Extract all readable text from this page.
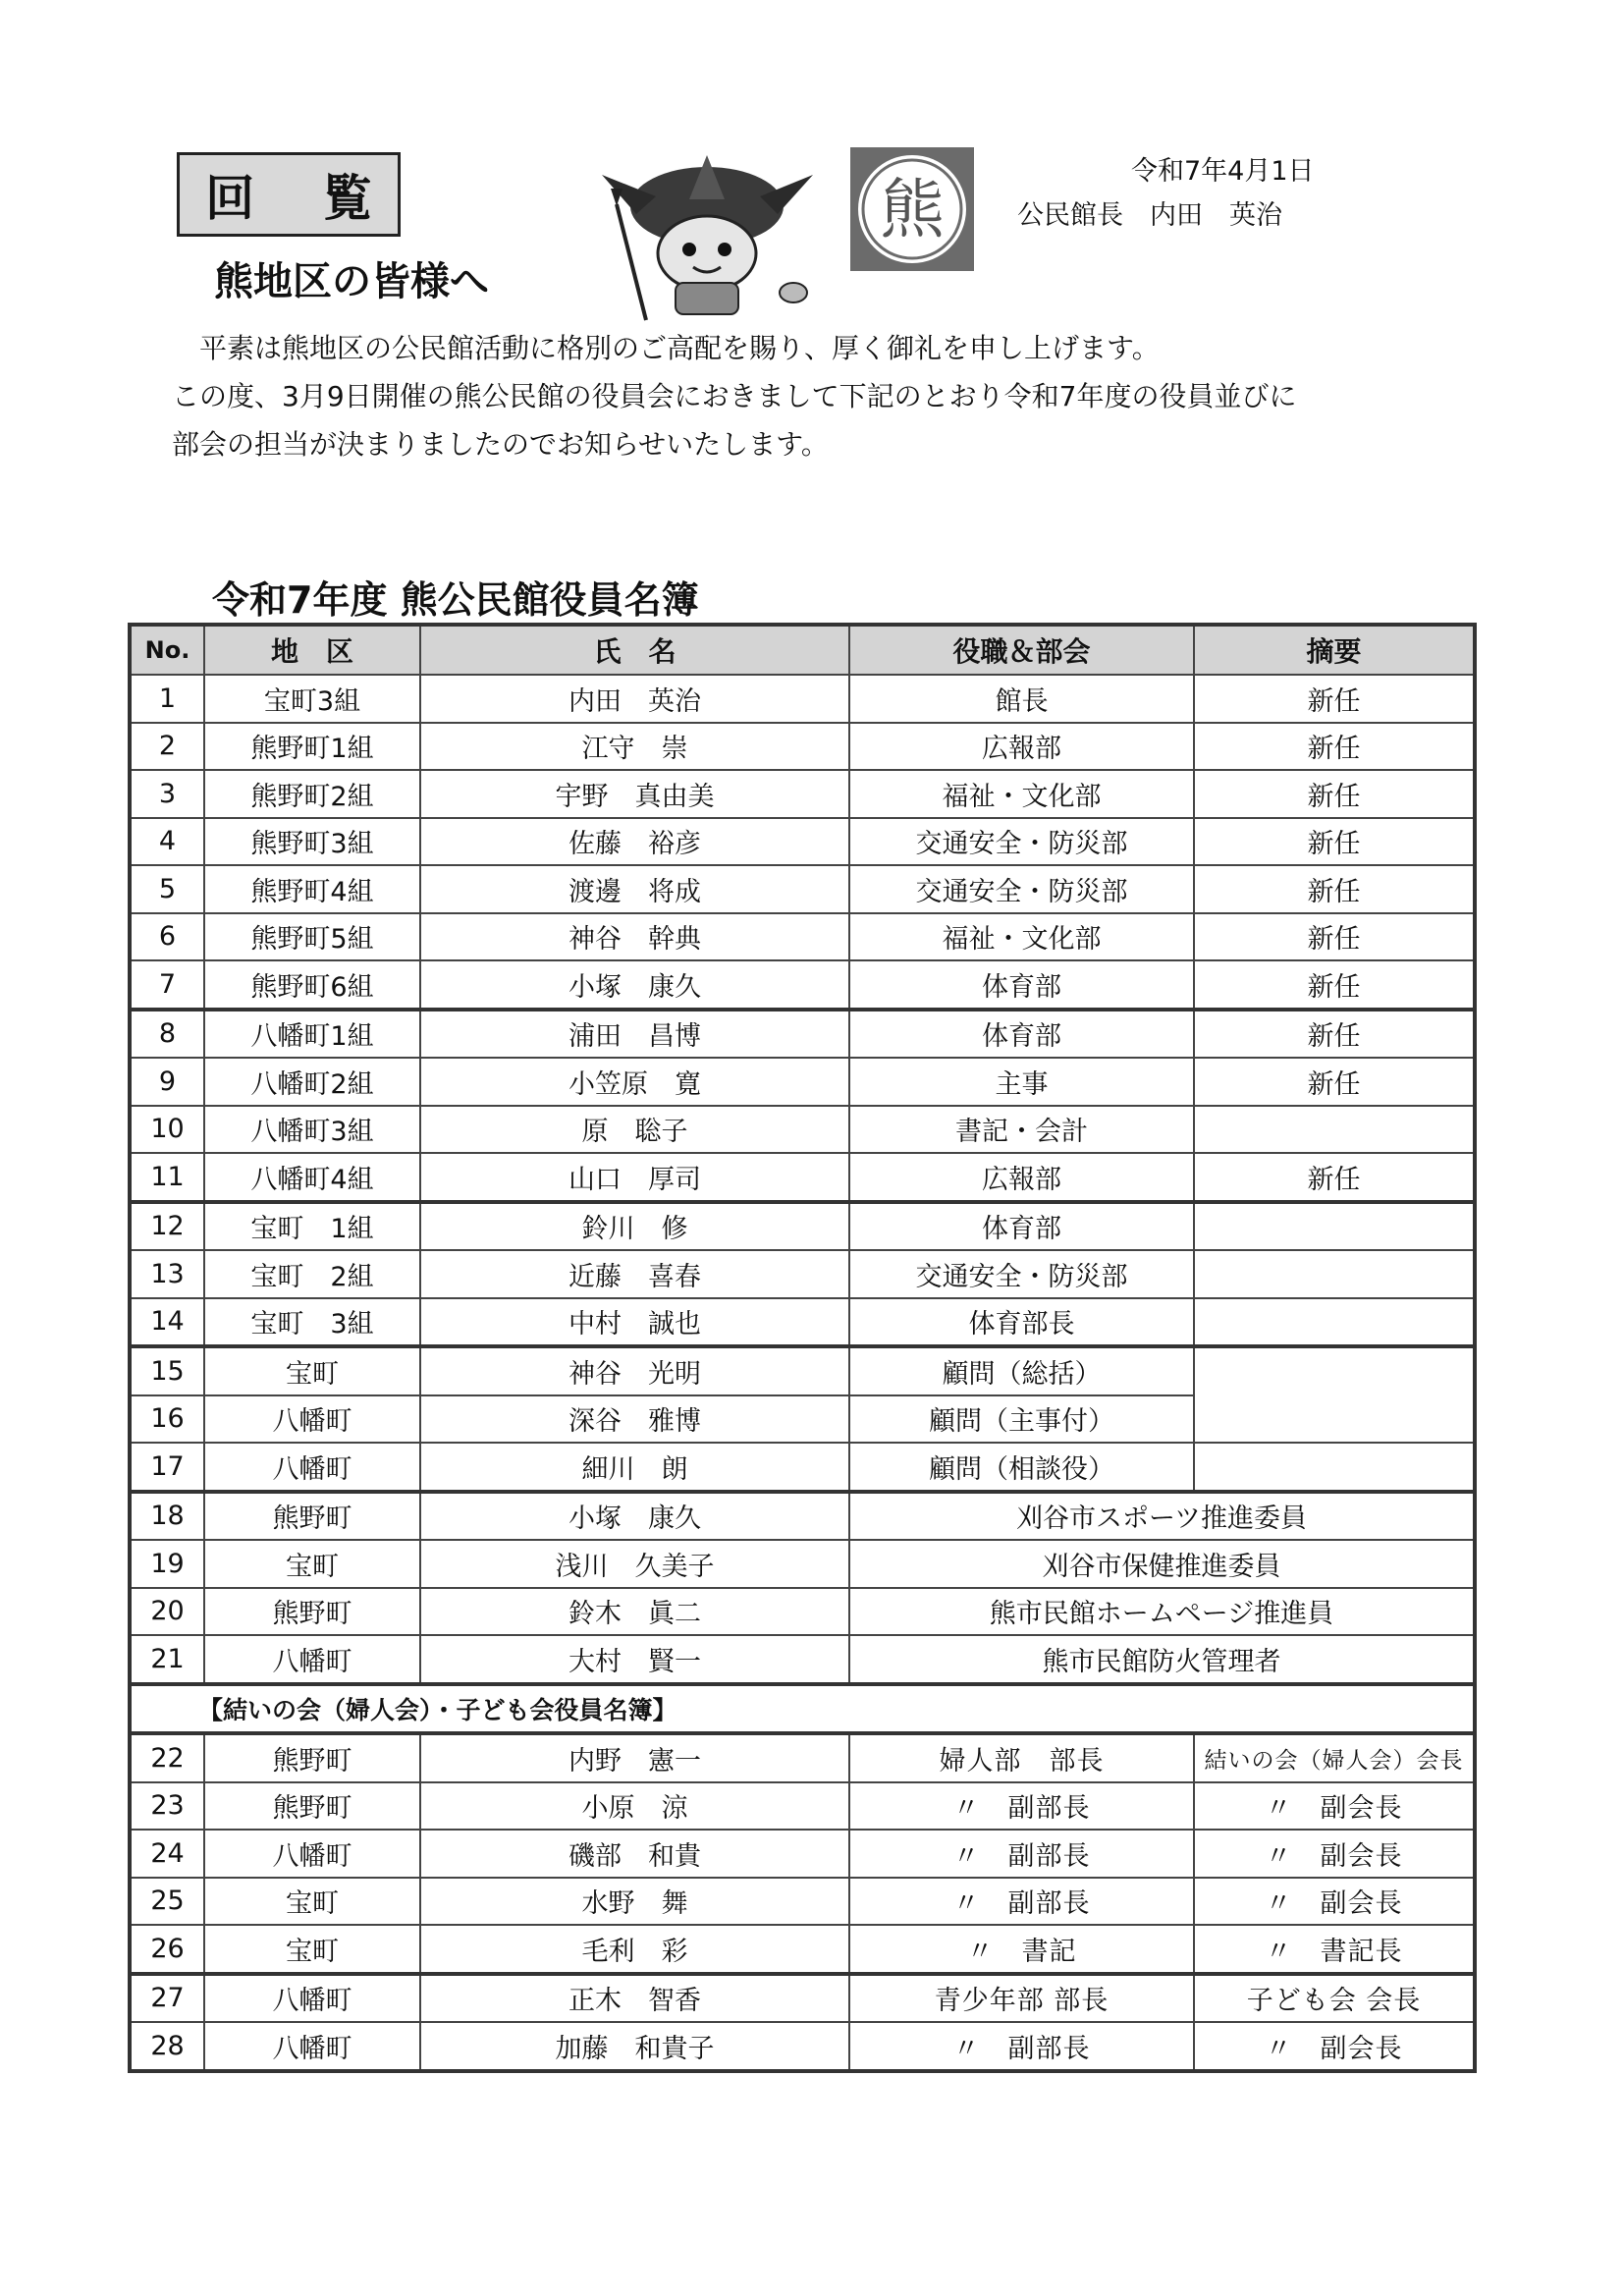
回 覧
熊地区の皆様へ
熊
令和7年4月1日
公民館長　内田　英治

　平素は熊地区の公民館活動に格別のご高配を賜り、厚く御礼を申し上げます。

この度、3月9日開催の熊公民館の役員会におきまして下記のとおり令和7年度の役員並びに

部会の担当が決まりましたのでお知らせいたします。

令和7年度 熊公民館役員名簿
No.	地　区	氏　名	役職＆部会	摘要
1	宝町3組	内田　英治	館長	新任
2	熊野町1組	江守　崇	広報部	新任
3	熊野町2組	宇野　真由美	福祉・文化部	新任
4	熊野町3組	佐藤　裕彦	交通安全・防災部	新任
5	熊野町4組	渡邊　将成	交通安全・防災部	新任
6	熊野町5組	神谷　幹典	福祉・文化部	新任
7	熊野町6組	小塚　康久	体育部	新任
8	八幡町1組	浦田　昌博	体育部	新任
9	八幡町2組	小笠原　寛	主事	新任
10	八幡町3組	原　聡子	書記・会計	
11	八幡町4組	山口　厚司	広報部	新任
12	宝町　1組	鈴川　修	体育部	
13	宝町　2組	近藤　喜春	交通安全・防災部	
14	宝町　3組	中村　誠也	体育部長	
15	宝町	神谷　光明	顧問（総括）	
16	八幡町	深谷　雅博	顧問（主事付）	
17	八幡町	細川　朗	顧問（相談役）	
18	熊野町	小塚　康久	刈谷市スポーツ推進委員	
19	宝町	浅川　久美子	刈谷市保健推進委員	
20	熊野町	鈴木　眞二	熊市民館ホームページ推進員	
21	八幡町	大村　賢一	熊市民館防火管理者	
【結いの会（婦人会）・子ども会役員名簿】				
22	熊野町	内野　憲一	婦人部　部長	結いの会（婦人会）会長
23	熊野町	小原　涼	〃　副部長	〃　副会長
24	八幡町	磯部　和貴	〃　副部長	〃　副会長
25	宝町	水野　舞	〃　副部長	〃　副会長
26	宝町	毛利　彩	〃　書記	〃　書記長
27	八幡町	正木　智香	青少年部 部長	子ども会 会長
28	八幡町	加藤　和貴子	〃　副部長	〃　副会長
